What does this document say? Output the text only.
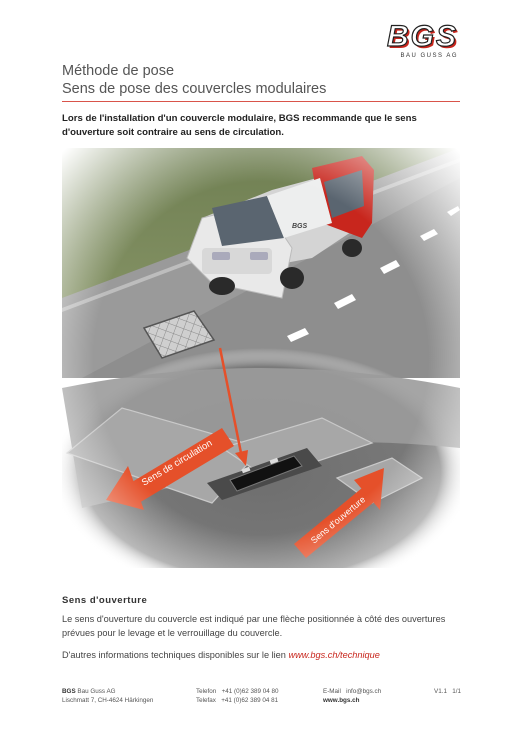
BGS
BAU GUSS AG
Méthode de pose
Sens de pose des couvercles modulaires
Lors de l'installation d'un couvercle modulaire, BGS recommande que le sens d'ouverture soit contraire au sens de circulation.
Sens d'ouverture
Le sens d'ouverture du couvercle est indiqué par une flèche positionnée à côté des ouvertures prévues pour le levage et le verrouillage du couvercle.
D'autres informations techniques disponibles sur le lien www.bgs.ch/technique
BGS Bau Guss AG
Lischmatt 7, CH-4624 Härkingen
Telefon +41 (0)62 389 04 80
Telefax +41 (0)62 389 04 81
E-Mail info@bgs.ch
www.bgs.ch
V1.1 1/1
